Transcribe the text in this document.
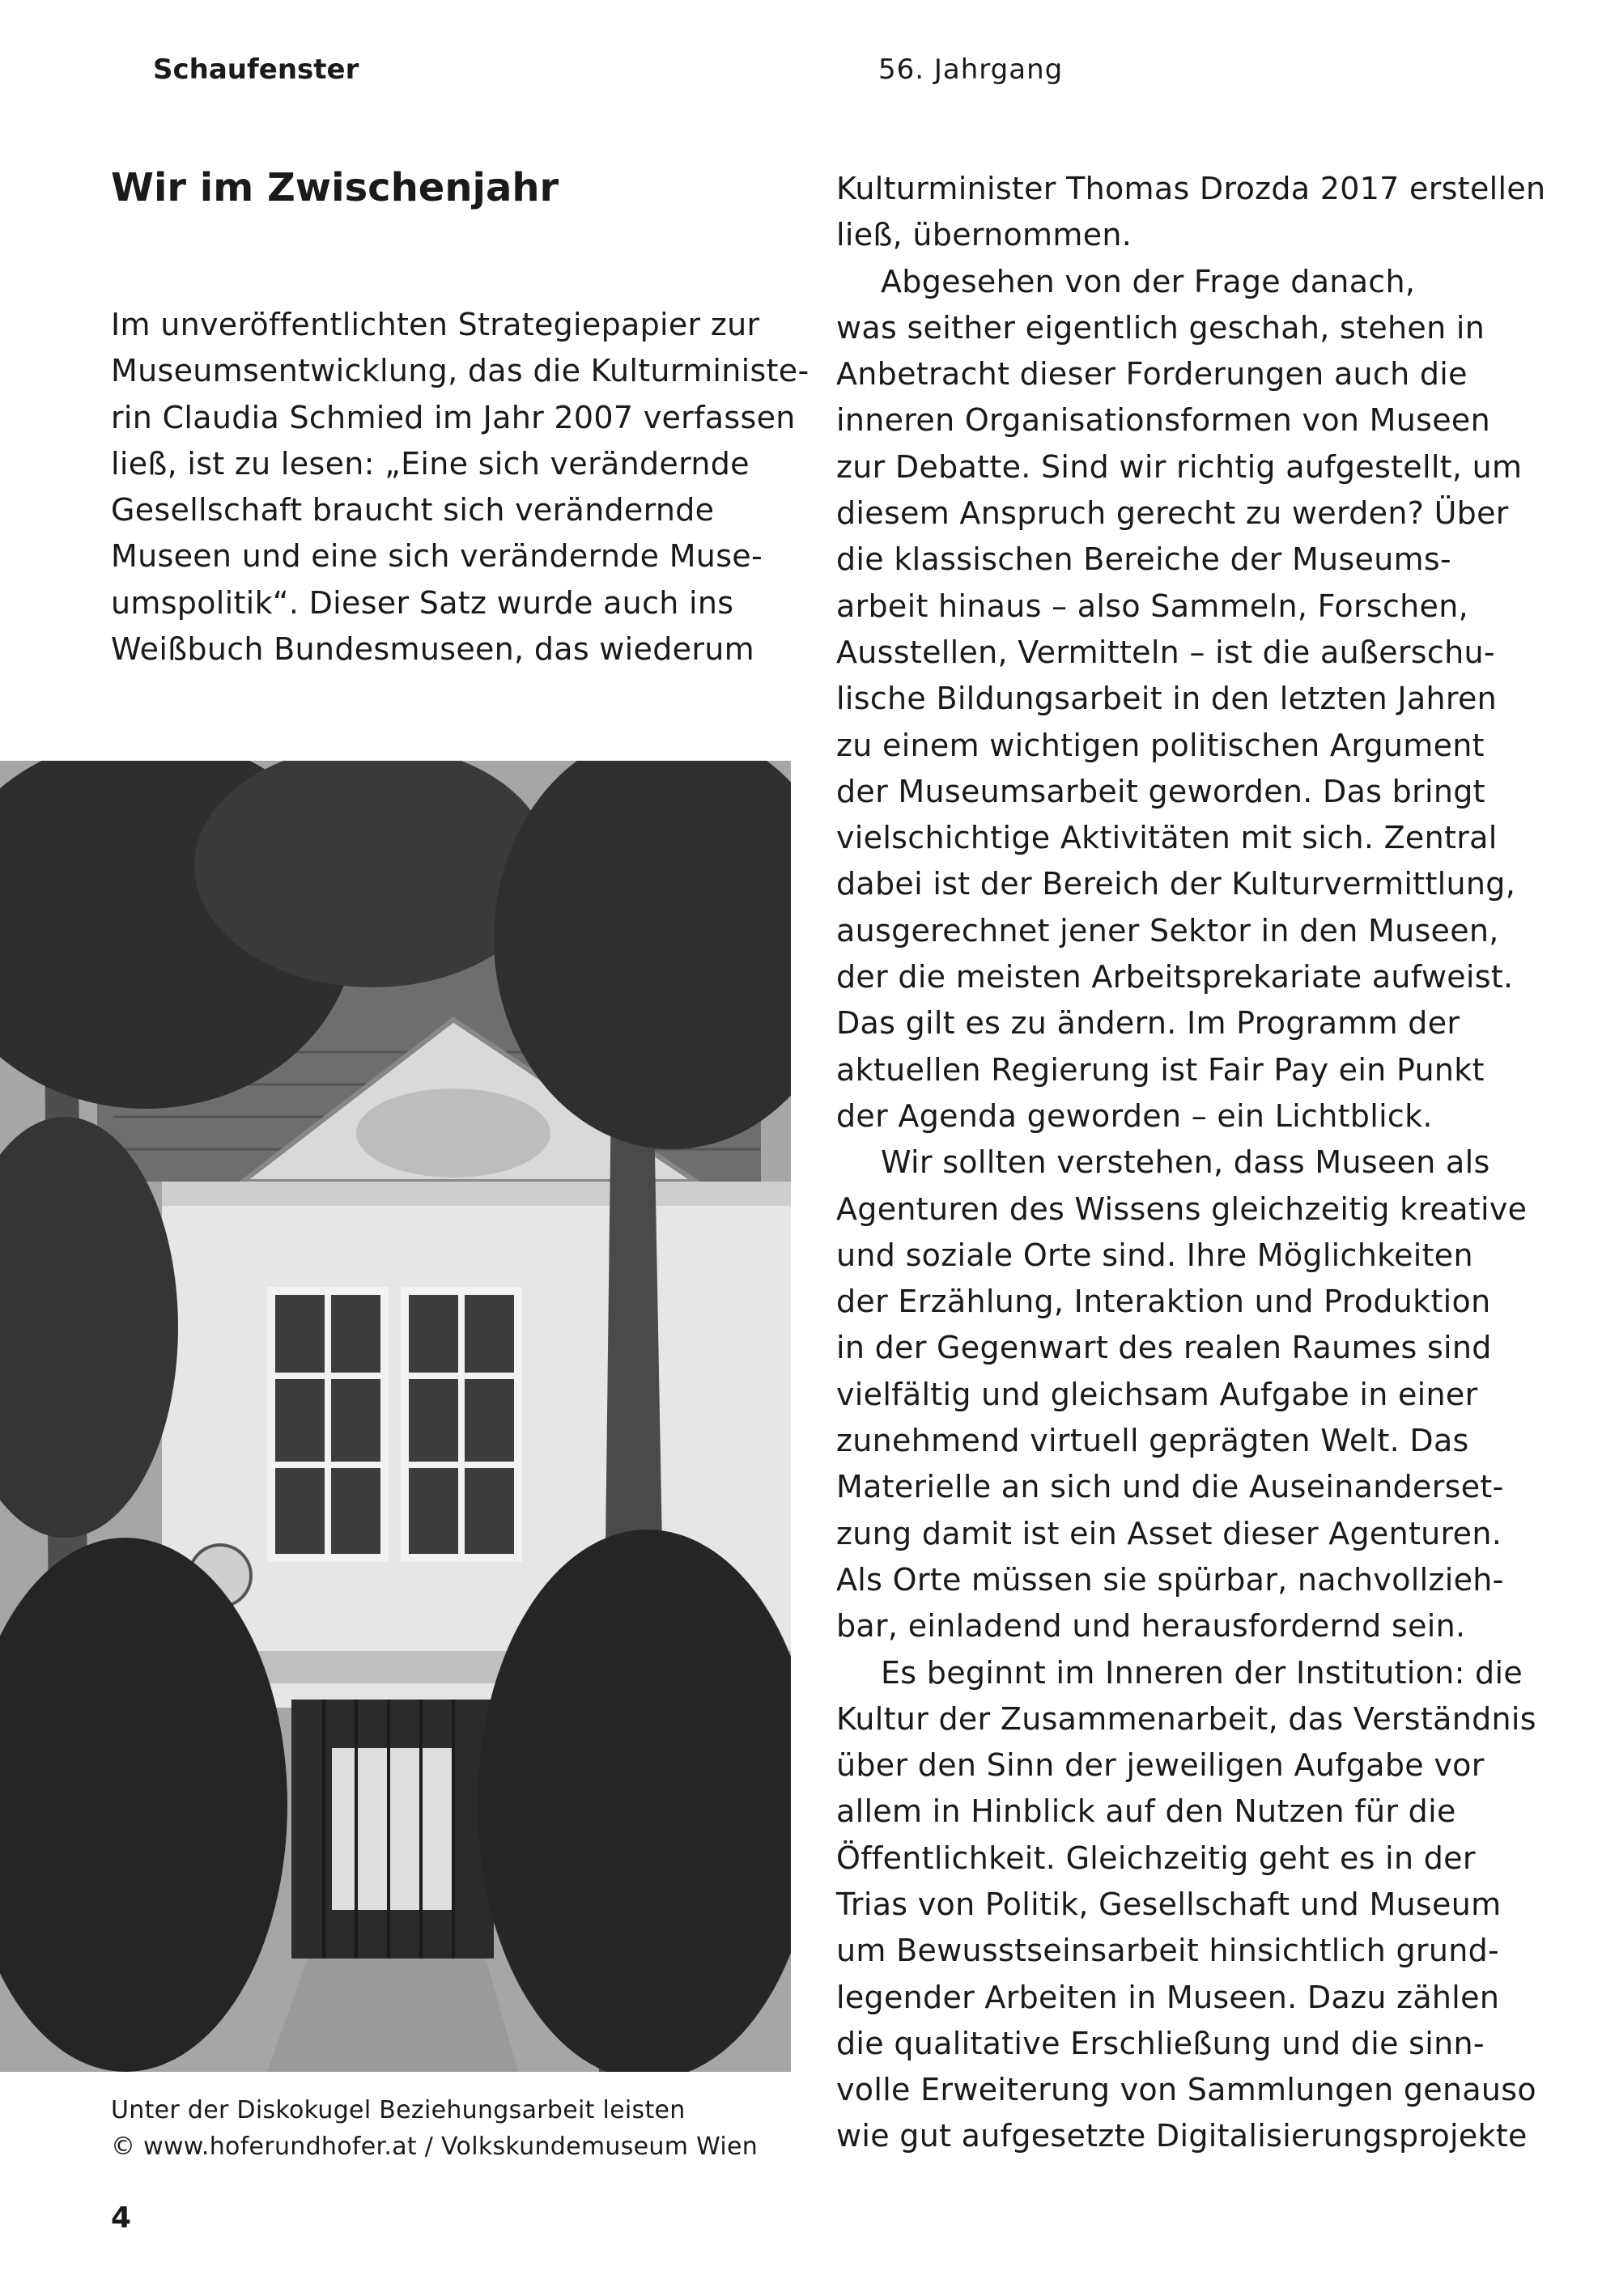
Schaufenster	56. Jahrgang
Wir im Zwischenjahr
Im unveröffentlichten Strategiepapier zur
Museumsentwicklung, das die Kulturministe-
rin Claudia Schmied im Jahr 2007 verfassen
ließ, ist zu lesen: „Eine sich verändernde
Gesellschaft braucht sich verändernde
Museen und eine sich verändernde Muse-
umspolitik“. Dieser Satz wurde auch ins
Weißbuch Bundesmuseen, das wiederum
Unter der Diskokugel Beziehungsarbeit leisten
© www.hoferundhofer.at / Volkskundemuseum Wien
Kulturminister Thomas Drozda 2017 erstellen
ließ, übernommen.
Abgesehen von der Frage danach,
was seither eigentlich geschah, stehen in
Anbetracht dieser Forderungen auch die
inneren Organisationsformen von Museen
zur Debatte. Sind wir richtig aufgestellt, um
diesem Anspruch gerecht zu werden? Über
die klassischen Bereiche der Museums-
arbeit hinaus – also Sammeln, Forschen,
Ausstellen, Vermitteln – ist die außerschu-
lische Bildungsarbeit in den letzten Jahren
zu einem wichtigen politischen Argument
der Museumsarbeit geworden. Das bringt
vielschichtige Aktivitäten mit sich. Zentral
dabei ist der Bereich der Kulturvermittlung,
ausgerechnet jener Sektor in den Museen,
der die meisten Arbeitsprekariate aufweist.
Das gilt es zu ändern. Im Programm der
aktuellen Regierung ist Fair Pay ein Punkt
der Agenda geworden – ein Lichtblick.
Wir sollten verstehen, dass Museen als
Agenturen des Wissens gleichzeitig kreative
und soziale Orte sind. Ihre Möglichkeiten
der Erzählung, Interaktion und Produktion
in der Gegenwart des realen Raumes sind
vielfältig und gleichsam Aufgabe in einer
zunehmend virtuell geprägten Welt. Das
Materielle an sich und die Auseinanderset-
zung damit ist ein Asset dieser Agenturen.
Als Orte müssen sie spürbar, nachvollzieh-
bar, einladend und herausfordernd sein.
Es beginnt im Inneren der Institution: die
Kultur der Zusammenarbeit, das Verständnis
über den Sinn der jeweiligen Aufgabe vor
allem in Hinblick auf den Nutzen für die
Öffentlichkeit. Gleichzeitig geht es in der
Trias von Politik, Gesellschaft und Museum
um Bewusstseinsarbeit hinsichtlich grund-
legender Arbeiten in Museen. Dazu zählen
die qualitative Erschließung und die sinn-
volle Erweiterung von Sammlungen genauso
wie gut aufgesetzte Digitalisierungsprojekte
4
